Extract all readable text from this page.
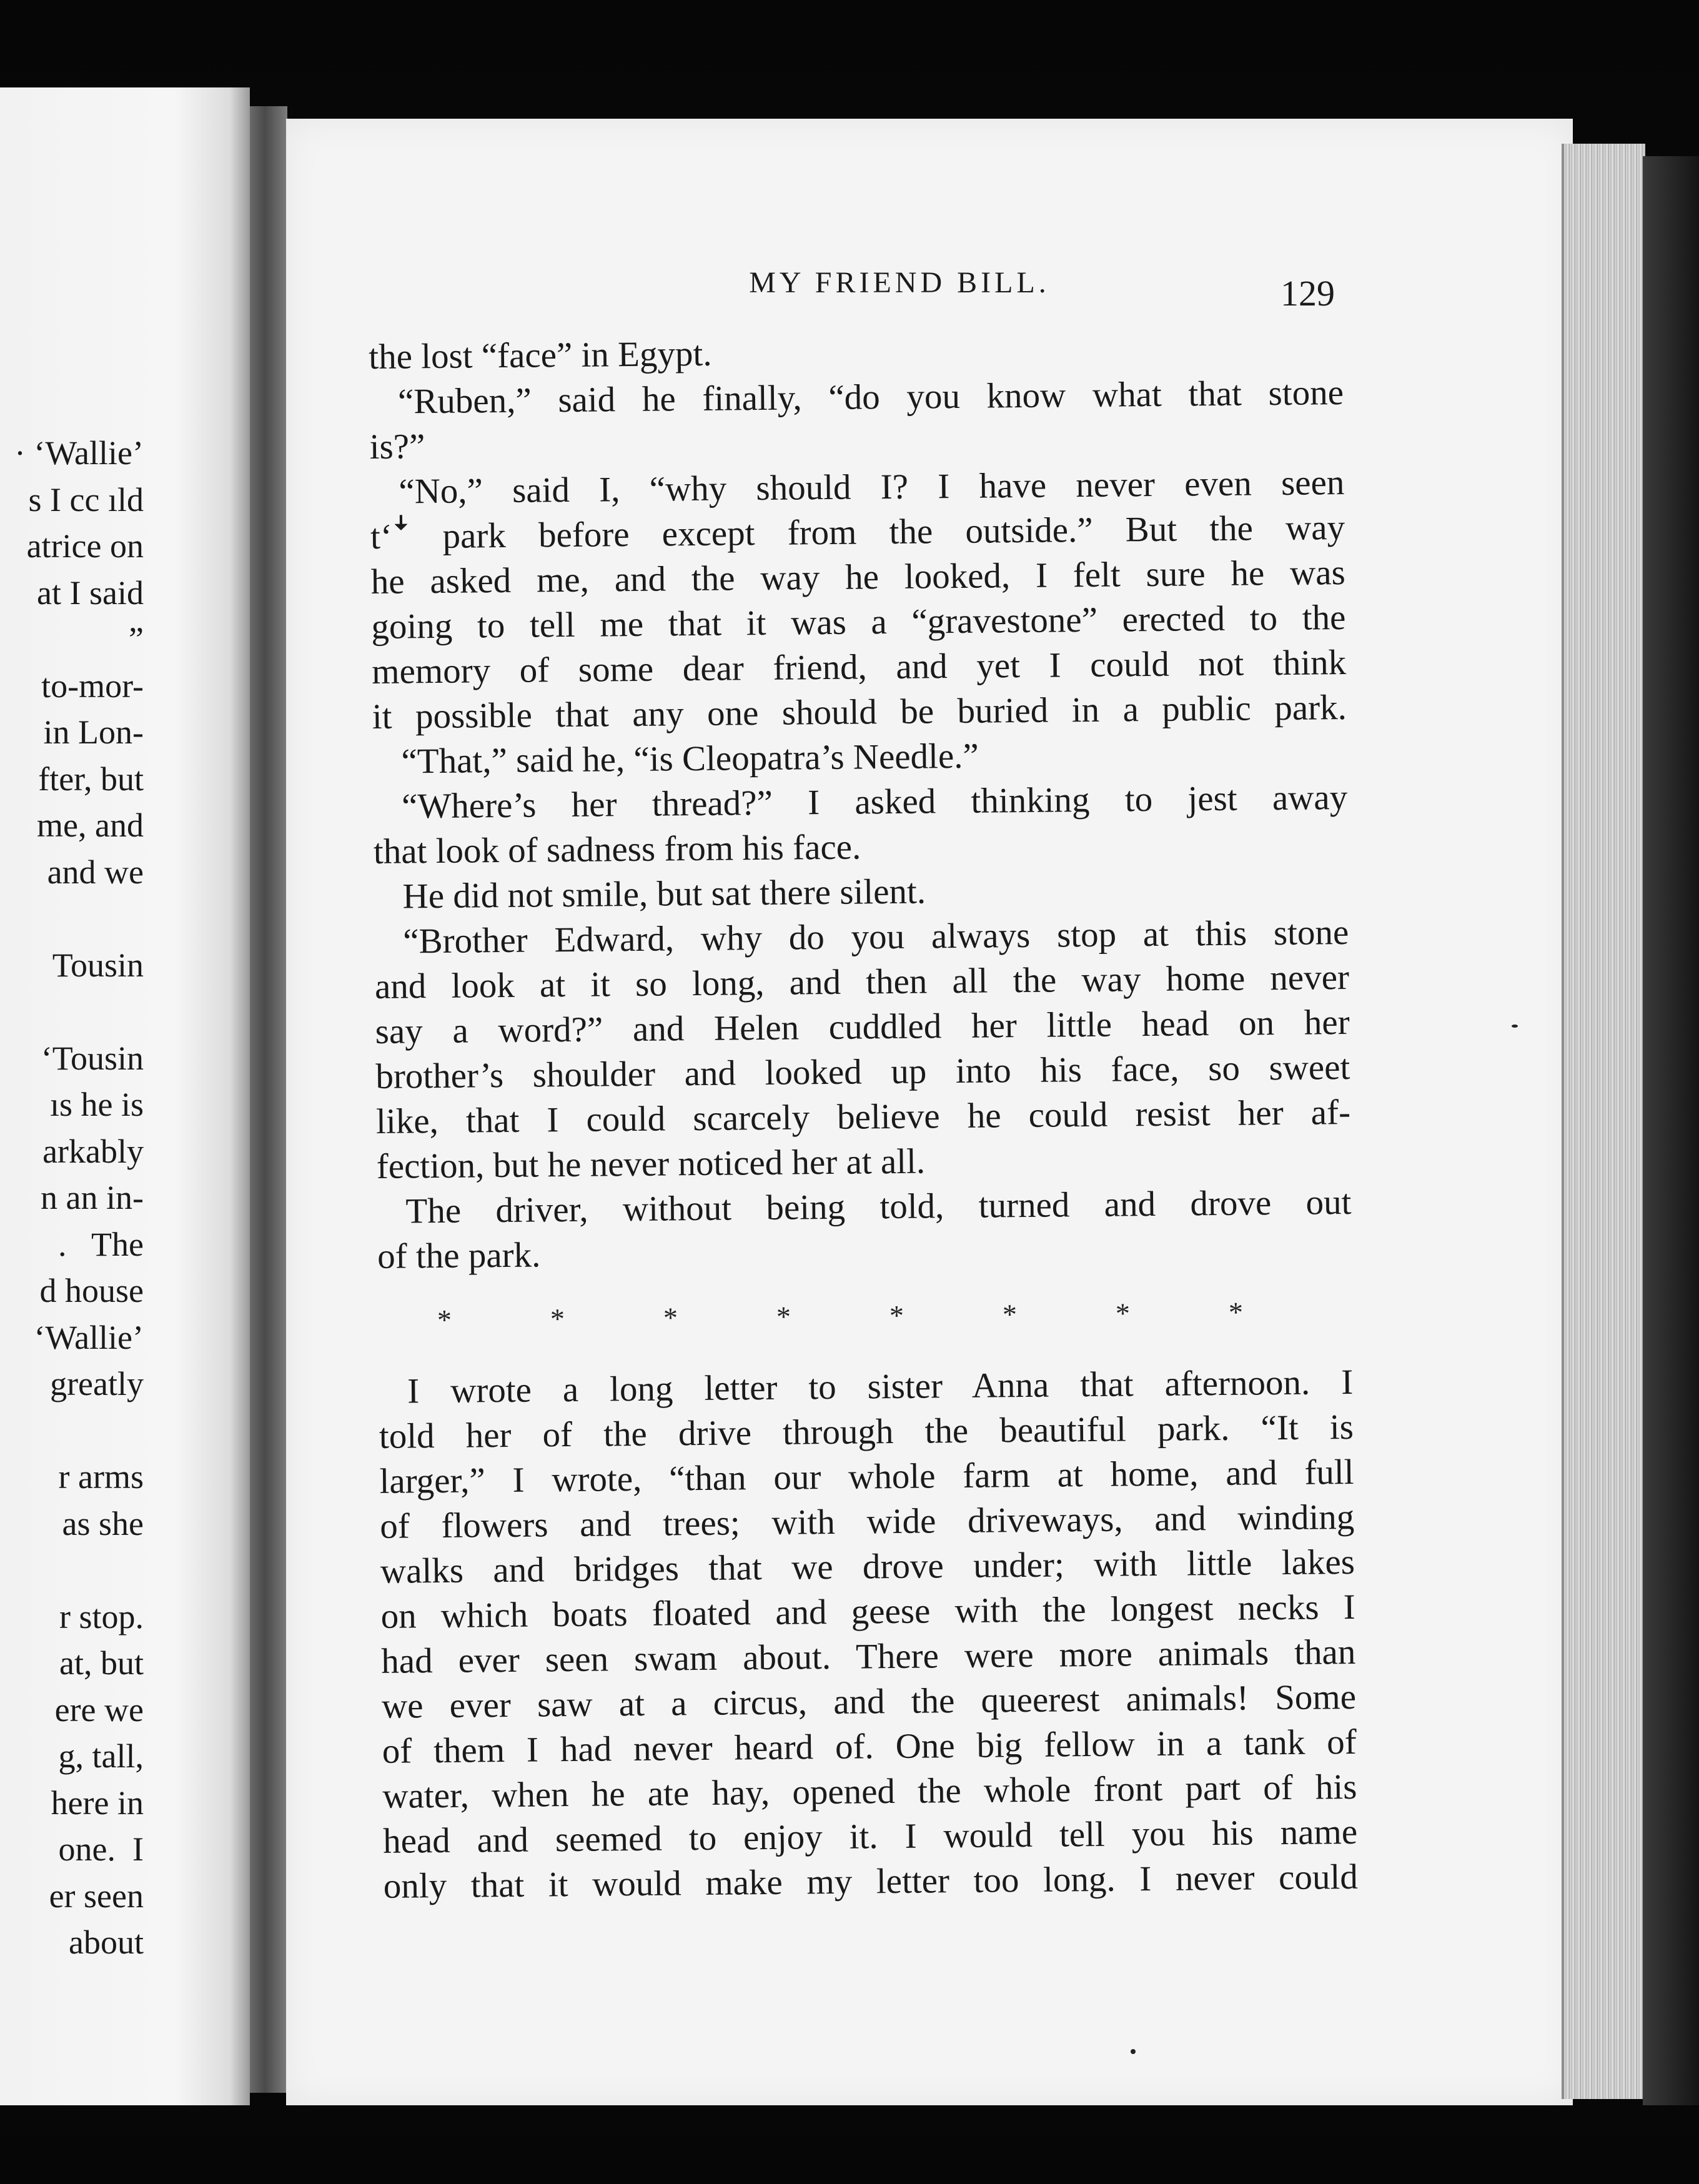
· ‘Wallie’
s I cc ıld
atrice on
at I said
”
to-mor-
in Lon-
fter, but
me, and
and we
Tousin
‘Tousin
ıs he is
arkably
n an in-
.   The
d house
‘Wallie’
greatly
r arms
as she
r stop.
at, but
ere we
g, tall,
here in
one.  I
er seen
about
MY FRIEND BILL.	129
the lost “face” in Egypt.
“Ruben,” said he finally, “do you know what that stone
is?”
“No,” said I, “why should I? I have never even seen
t‘ꜜ park before except from the outside.” But the way
he asked me, and the way he looked, I felt sure he was
going to tell me that it was a “gravestone” erected to the
memory of some dear friend, and yet I could not think
it possible that any one should be buried in a public park.
“That,” said he, “is Cleopatra’s Needle.”
“Where’s her thread?” I asked thinking to jest away
that look of sadness from his face.
He did not smile, but sat there silent.
“Brother Edward, why do you always stop at this stone
and look at it so long, and then all the way home never
say a word?” and Helen cuddled her little head on her
brother’s shoulder and looked up into his face, so sweet
like, that I could scarcely believe he could resist her af-
fection, but he never noticed her at all.
The driver, without being told, turned and drove out
of the park.
I wrote a long letter to sister Anna that afternoon. I
told her of the drive through the beautiful park. “It is
larger,” I wrote, “than our whole farm at home, and full
of flowers and trees; with wide driveways, and winding
walks and bridges that we drove under; with little lakes
on which boats floated and geese with the longest necks I
had ever seen swam about. There were more animals than
we ever saw at a circus, and the queerest animals! Some
of them I had never heard of. One big fellow in a tank of
water, when he ate hay, opened the whole front part of his
head and seemed to enjoy it. I would tell you his name
only that it would make my letter too long. I never could
*	*	*	*	*	*	*	*
